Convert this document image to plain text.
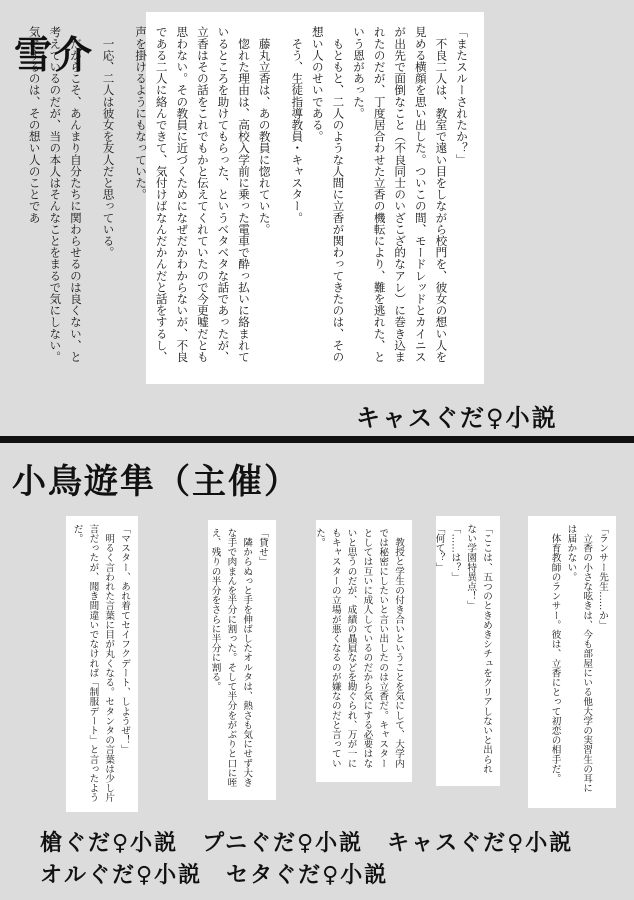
雪介	「またスルーされたか？」

　不良二人は、教室で遠い目をしながら校門を、彼女の想い人を見める横顔を思い出した。ついこの間、モードレッドとカイニスが出先で面倒なこと（不良同士のいざこざ的なアレ）に巻き込まれたのだが、丁度居合わせた立香の機転により、難を逃れた、という恩があった。

　もともと、二人のような人間に立香が関わってきたのは、その想い人のせいである。

　そう、生徒指導教員・キャスター。

　藤丸立香は、あの教員に惚れていた。

　惚れた理由は、高校入学前に乗った電車で酔っ払いに絡まれているところを助けてもらった、というベタベタな話であったが、立香はその話をこれでもかと伝えてくれていたので今更嘘だとも思わない。その教員に近づくためになぜだかわからないが、不良である二人に絡んできて、気付けばなんだかんだと話をするし、声を掛けるようにもなっていた。

　一応、二人は彼女を友人だと思っている。

　だからこそ、あんまり自分たちに関わらせるのは良くない、と考えているのだが、当の本人はそんなことをまるで気にしない。気にするのは、その想い人のことであ

キャスぐだ♀小説
小鳥遊隼（主催）

「ランサー先生……か」
　立香の小さな呟きは、今も部屋にいる他大学の実習生の耳には届かない。
　体育教師のランサー。彼は、立香にとって初恋の相手だ。

「ここは、五つのときめきシチュをクリアしないと出られない学園特異点！」
「……は？」
「何て？」

　教授と学生の付き合いということを気にして、大学内では秘密にしたいと言い出したのは立香だ。キャスターとしては互いに成人しているのだから気にする必要はないと思うのだが、成績の贔屓などを勘ぐられ、万が一にもキャスターの立場が悪くなるのが嫌なのだと言っていた。

「貸せ」
　隣からぬっと手を伸ばしたオルタは、熱さも気にせず大きな手で肉まんを半分に割った。そして半分をがぶりと口に咥え、残りの半分をさらに半分に割る。

「マスター、あれ着てセイフクデート、しようぜ！」
　明るく言われた言葉に目が丸くなる。セタンタの言葉は少し片言だったが、聞き間違いでなければ「制服デート」と言ったようだ。

槍ぐだ♀小説　プニぐだ♀小説　キャスぐだ♀小説
オルぐだ♀小説　セタぐだ♀小説
